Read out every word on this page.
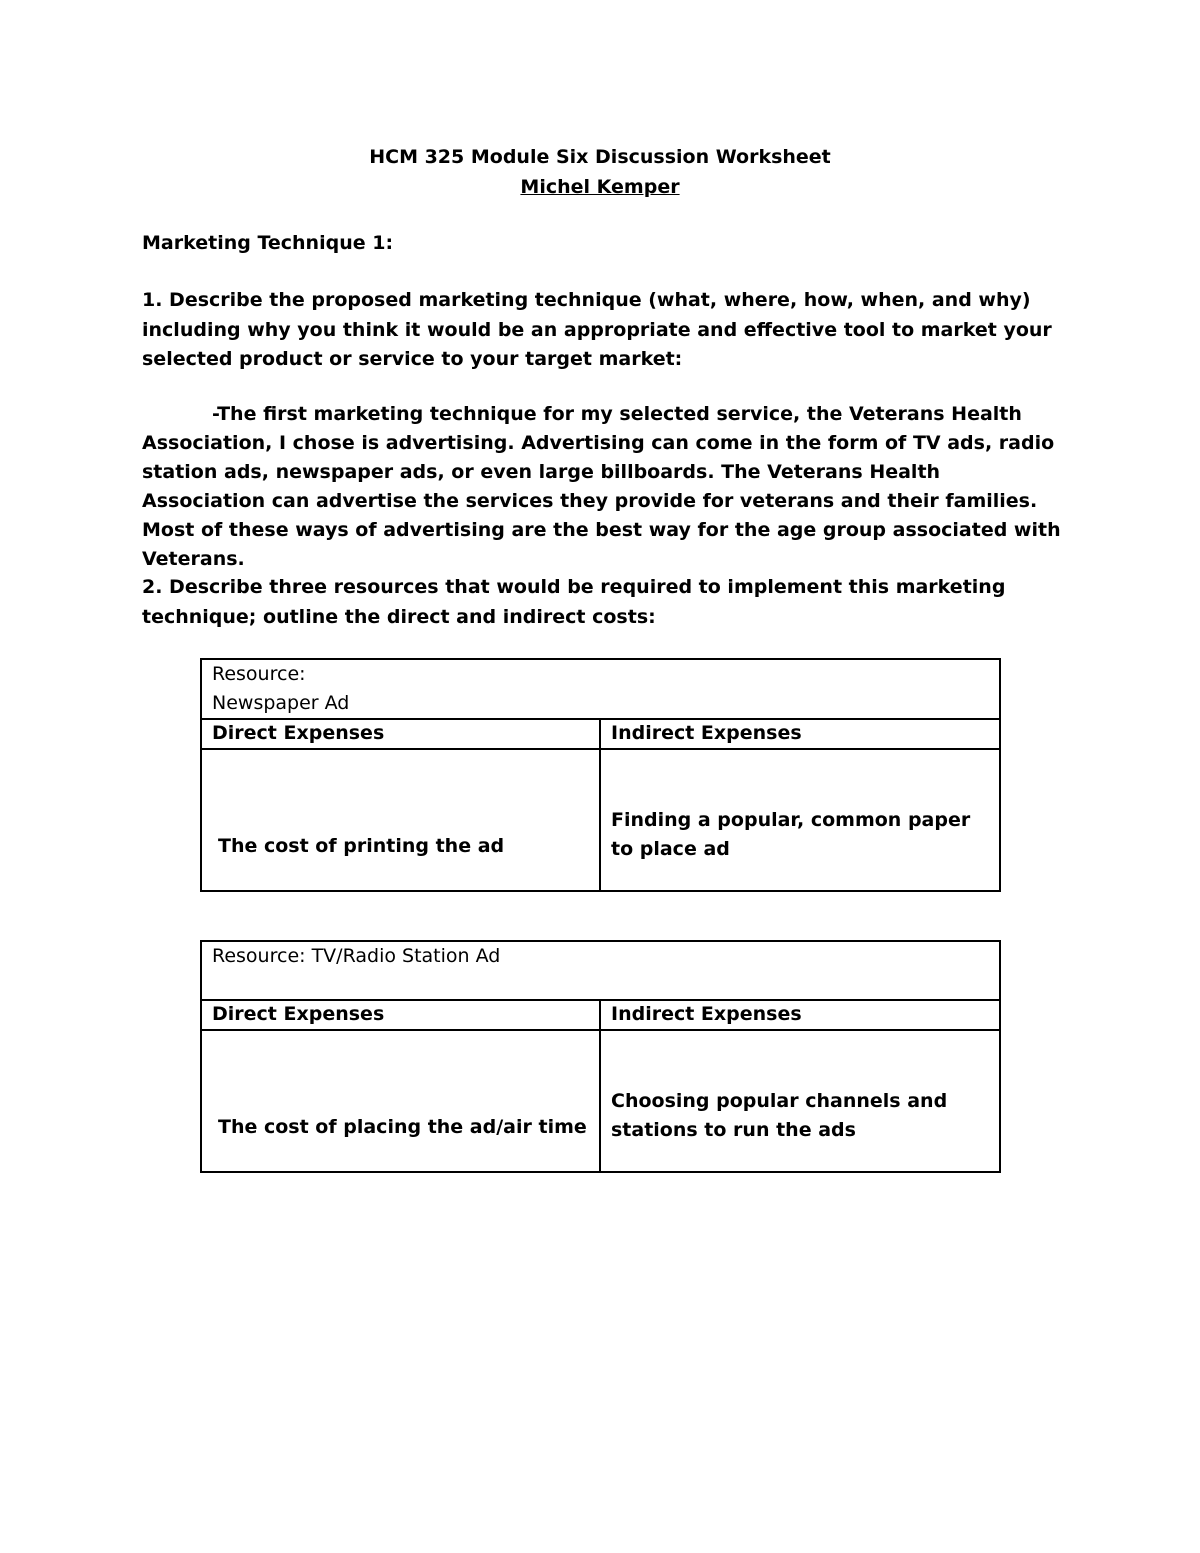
HCM 325 Module Six Discussion Worksheet

Michel Kemper

Marketing Technique 1:

1. Describe the proposed marketing technique (what, where, how, when, and why) including why you think it would be an appropriate and effective tool to market your selected product or service to your target market:

-The first marketing technique for my selected service, the Veterans Health Association, I chose is advertising. Advertising can come in the form of TV ads, radio station ads, newspaper ads, or even large billboards. The Veterans Health Association can advertise the services they provide for veterans and their families. Most of these ways of advertising are the best way for the age group associated with Veterans.

2. Describe three resources that would be required to implement this marketing technique; outline the direct and indirect costs:

Resource:
Newspaper Ad	

Direct Expenses	Indirect Expenses

The cost of printing the ad	Finding a popular, common paper to place ad

Resource: TV/Radio Station Ad	

Direct Expenses	Indirect Expenses

The cost of placing the ad/air time	Choosing popular channels and stations to run the ads
